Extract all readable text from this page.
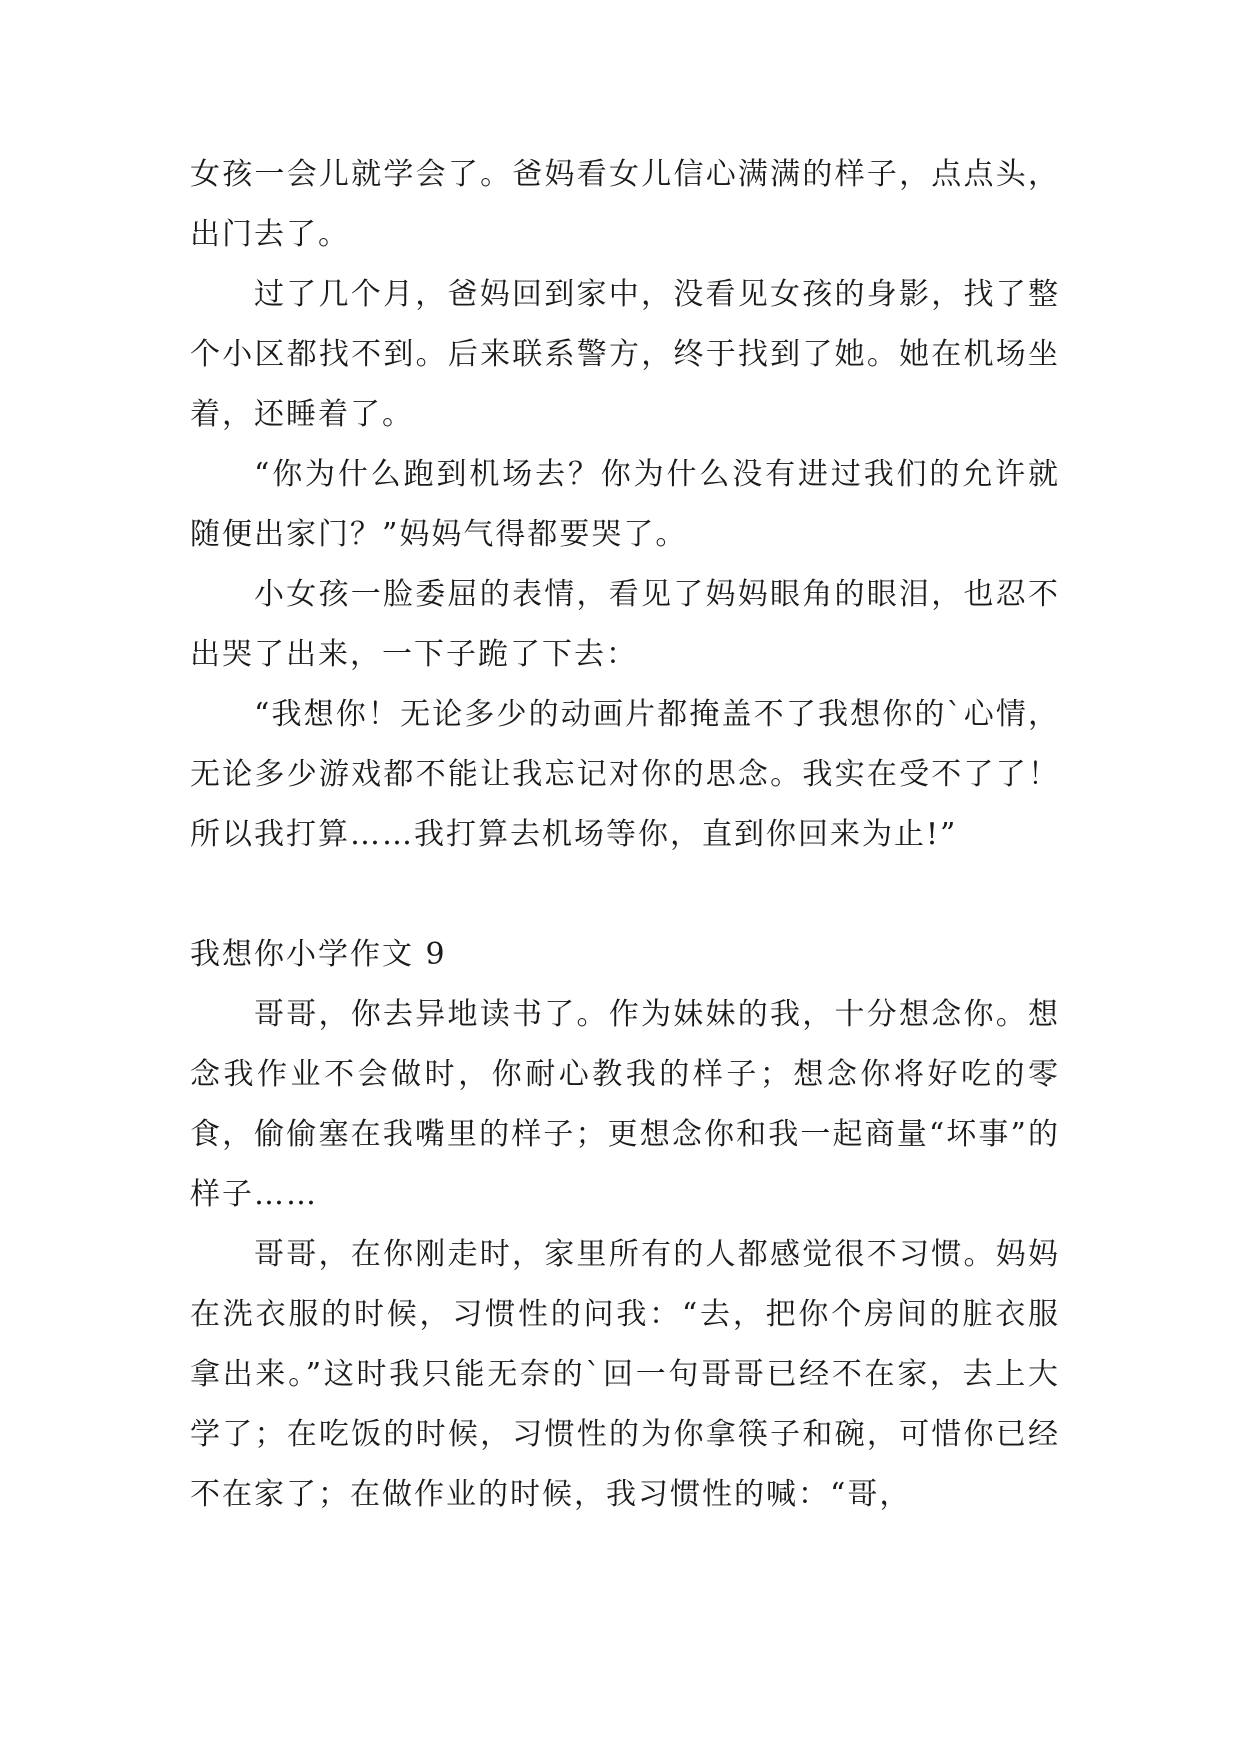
女孩一会儿就学会了。爸妈看女儿信心满满的样子，点点头，出门去了。

过了几个月，爸妈回到家中，没看见女孩的身影，找了整个小区都找不到。后来联系警方，终于找到了她。她在机场坐着，还睡着了。

“你为什么跑到机场去？你为什么没有进过我们的允许就随便出家门？”妈妈气得都要哭了。

小女孩一脸委屈的表情，看见了妈妈眼角的眼泪，也忍不出哭了出来，一下子跪了下去：

“我想你！无论多少的动画片都掩盖不了我想你的`心情，无论多少游戏都不能让我忘记对你的思念。我实在受不了了！所以我打算……我打算去机场等你，直到你回来为止!”

我想你小学作文 9

哥哥，你去异地读书了。作为妹妹的我，十分想念你。想念我作业不会做时，你耐心教我的样子；想念你将好吃的零食，偷偷塞在我嘴里的样子；更想念你和我一起商量“坏事”的样子……

哥哥，在你刚走时，家里所有的人都感觉很不习惯。妈妈在洗衣服的时候，习惯性的问我：“去，把你个房间的脏衣服拿出来。”这时我只能无奈的`回一句哥哥已经不在家，去上大学了；在吃饭的时候，习惯性的为你拿筷子和碗，可惜你已经不在家了；在做作业的时候，我习惯性的喊：“哥，
